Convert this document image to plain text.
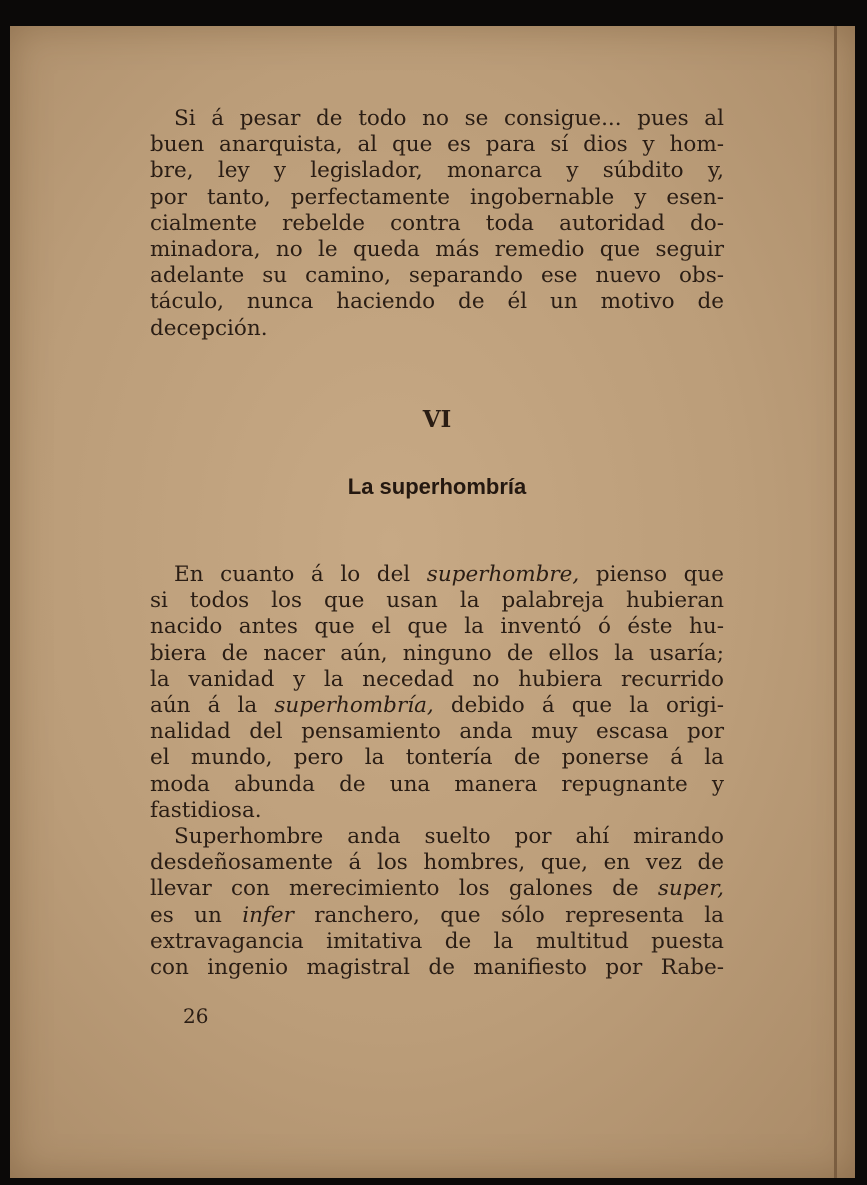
Si á pesar de todo no se consigue... pues al
buen anarquista, al que es para sí dios y hom-
bre, ley y legislador, monarca y súbdito y,
por tanto, perfectamente ingobernable y esen-
cialmente rebelde contra toda autoridad do-
minadora, no le queda más remedio que seguir
adelante su camino, separando ese nuevo obs-
táculo, nunca haciendo de él un motivo de
decepción.

VI
La superhombría

En cuanto á lo del superhombre, pienso que
si todos los que usan la palabreja hubieran
nacido antes que el que la inventó ó éste hu-
biera de nacer aún, ninguno de ellos la usaría;
la vanidad y la necedad no hubiera recurrido
aún á la superhombría, debido á que la origi-
nalidad del pensamiento anda muy escasa por
el mundo, pero la tontería de ponerse á la
moda abunda de una manera repugnante y
fastidiosa.

Superhombre anda suelto por ahí mirando
desdeñosamente á los hombres, que, en vez de
llevar con merecimiento los galones de super,
es un infer ranchero, que sólo representa la
extravagancia imitativa de la multitud puesta
con ingenio magistral de manifiesto por Rabe-

26
